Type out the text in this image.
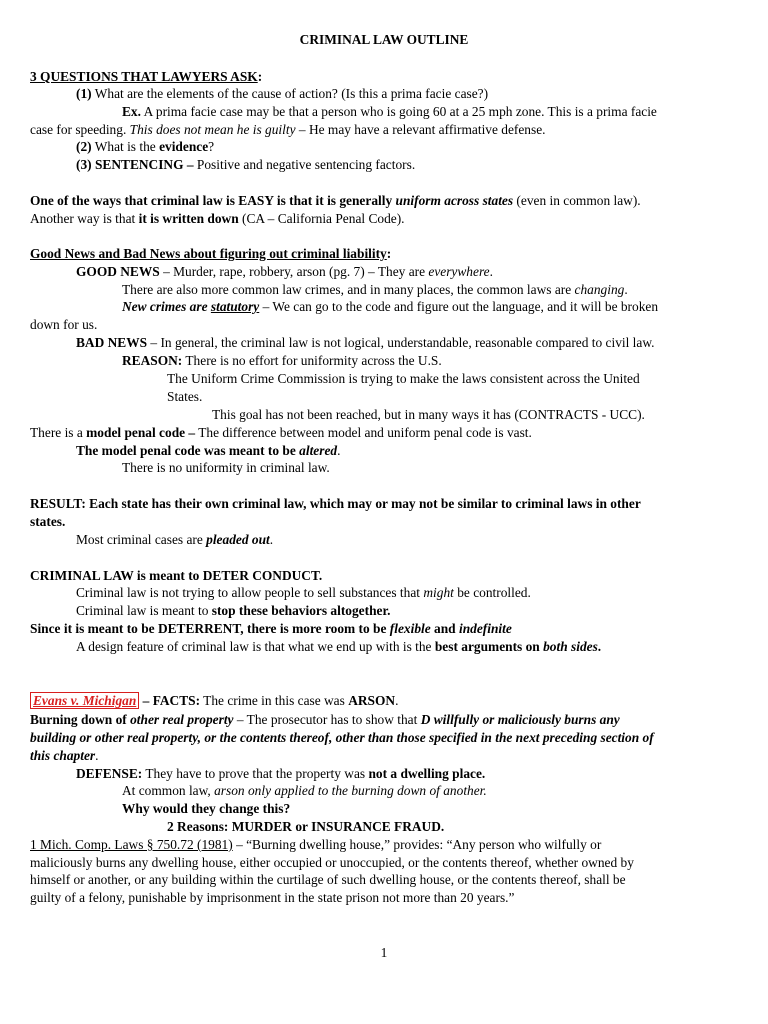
CRIMINAL LAW OUTLINE
3 QUESTIONS THAT LAWYERS ASK:
(1) What are the elements of the cause of action? (Is this a prima facie case?)
Ex. A prima facie case may be that a person who is going 60 at a 25 mph zone. This is a prima facie
case for speeding. This does not mean he is guilty – He may have a relevant affirmative defense.
(2) What is the evidence?
(3) SENTENCING – Positive and negative sentencing factors.
One of the ways that criminal law is EASY is that it is generally uniform across states (even in common law).
Another way is that it is written down (CA – California Penal Code).
Good News and Bad News about figuring out criminal liability:
GOOD NEWS – Murder, rape, robbery, arson (pg. 7) – They are everywhere.
There are also more common law crimes, and in many places, the common laws are changing.
New crimes are statutory – We can go to the code and figure out the language, and it will be broken
down for us.
BAD NEWS – In general, the criminal law is not logical, understandable, reasonable compared to civil law.
REASON: There is no effort for uniformity across the U.S.
The Uniform Crime Commission is trying to make the laws consistent across the United
States.
This goal has not been reached, but in many ways it has (CONTRACTS - UCC).
There is a model penal code – The difference between model and uniform penal code is vast.
The model penal code was meant to be altered.
There is no uniformity in criminal law.
RESULT: Each state has their own criminal law, which may or may not be similar to criminal laws in other
states.
Most criminal cases are pleaded out.
CRIMINAL LAW is meant to DETER CONDUCT.
Criminal law is not trying to allow people to sell substances that might be controlled.
Criminal law is meant to stop these behaviors altogether.
Since it is meant to be DETERRENT, there is more room to be flexible and indefinite
A design feature of criminal law is that what we end up with is the best arguments on both sides.
Evans v. Michigan – FACTS: The crime in this case was ARSON.
Burning down of other real property – The prosecutor has to show that D willfully or maliciously burns any
building or other real property, or the contents thereof, other than those specified in the next preceding section of
this chapter.
DEFENSE: They have to prove that the property was not a dwelling place.
At common law, arson only applied to the burning down of another.
Why would they change this?
2 Reasons: MURDER or INSURANCE FRAUD.
1 Mich. Comp. Laws § 750.72 (1981) – “Burning dwelling house,” provides: “Any person who wilfully or
maliciously burns any dwelling house, either occupied or unoccupied, or the contents thereof, whether owned by
himself or another, or any building within the curtilage of such dwelling house, or the contents thereof, shall be
guilty of a felony, punishable by imprisonment in the state prison not more than 20 years.”
1
